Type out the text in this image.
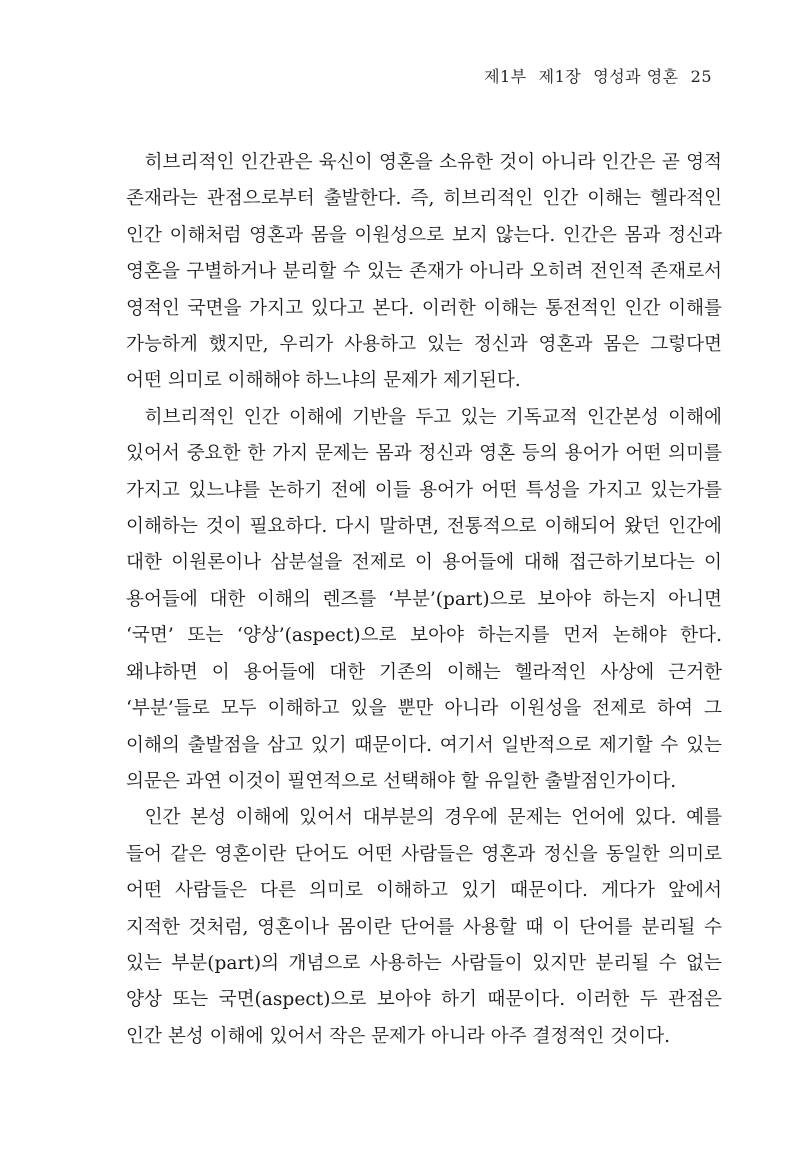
제1부 제1장 영성과 영혼 25

히브리적인 인간관은 육신이 영혼을 소유한 것이 아니라 인간은 곧 영적 존재라는 관점으로부터 출발한다. 즉, 히브리적인 인간 이해는 헬라적인 인간 이해처럼 영혼과 몸을 이원성으로 보지 않는다. 인간은 몸과 정신과 영혼을 구별하거나 분리할 수 있는 존재가 아니라 오히려 전인적 존재로서 영적인 국면을 가지고 있다고 본다. 이러한 이해는 통전적인 인간 이해를 가능하게 했지만, 우리가 사용하고 있는 정신과 영혼과 몸은 그렇다면 어떤 의미로 이해해야 하느냐의 문제가 제기된다.

히브리적인 인간 이해에 기반을 두고 있는 기독교적 인간본성 이해에 있어서 중요한 한 가지 문제는 몸과 정신과 영혼 등의 용어가 어떤 의미를 가지고 있느냐를 논하기 전에 이들 용어가 어떤 특성을 가지고 있는가를 이해하는 것이 필요하다. 다시 말하면, 전통적으로 이해되어 왔던 인간에 대한 이원론이나 삼분설을 전제로 이 용어들에 대해 접근하기보다는 이 용어들에 대한 이해의 렌즈를 ‘부분’(part)으로 보아야 하는지 아니면 ‘국면’ 또는 ‘양상’(aspect)으로 보아야 하는지를 먼저 논해야 한다. 왜냐하면 이 용어들에 대한 기존의 이해는 헬라적인 사상에 근거한 ‘부분’들로 모두 이해하고 있을 뿐만 아니라 이원성을 전제로 하여 그 이해의 출발점을 삼고 있기 때문이다. 여기서 일반적으로 제기할 수 있는 의문은 과연 이것이 필연적으로 선택해야 할 유일한 출발점인가이다.

인간 본성 이해에 있어서 대부분의 경우에 문제는 언어에 있다. 예를 들어 같은 영혼이란 단어도 어떤 사람들은 영혼과 정신을 동일한 의미로 어떤 사람들은 다른 의미로 이해하고 있기 때문이다. 게다가 앞에서 지적한 것처럼, 영혼이나 몸이란 단어를 사용할 때 이 단어를 분리될 수 있는 부분(part)의 개념으로 사용하는 사람들이 있지만 분리될 수 없는 양상 또는 국면(aspect)으로 보아야 하기 때문이다. 이러한 두 관점은 인간 본성 이해에 있어서 작은 문제가 아니라 아주 결정적인 것이다.
